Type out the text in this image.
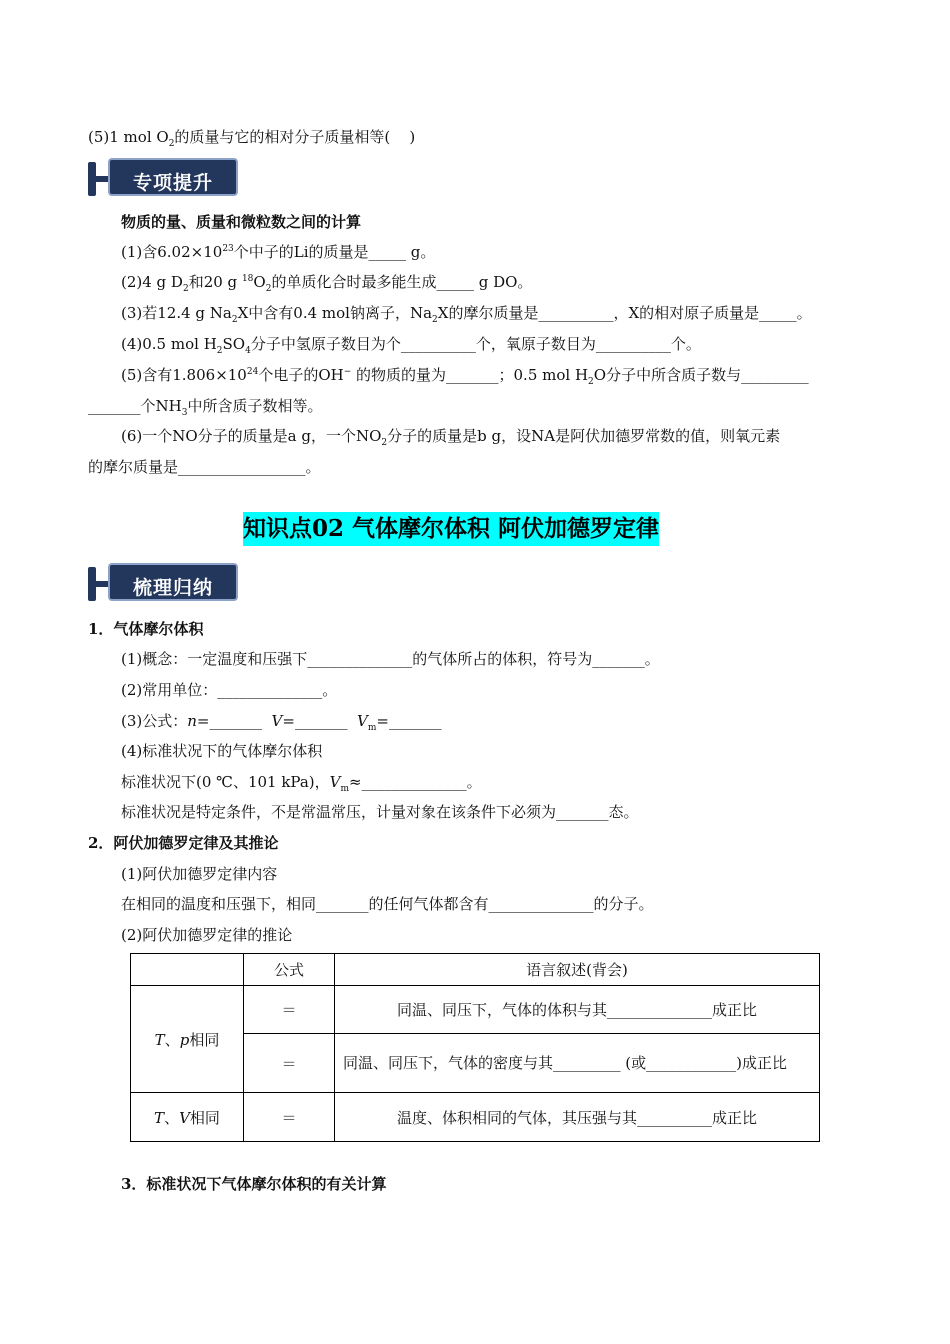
(5)1 mol $O_2$的质量与它的相对分子质量相等(    )
专项提升
物质的量、质量和微粒数之间的计算
(1)含$6.02\times 10^{23}$个中子的Li的质量是_____ g。
(2)4 g $D_2$和20 g $^{18}O_2$的单质化合时最多能生成_____ g DO。
(3)若12.4 g $Na_2X$中含有0.4 mol钠离子，$Na_2X$的摩尔质量是__________，X的相对原子质量是_____。
(4)0.5 mol $H_2SO_4$分子中氢原子数目为个__________个，氧原子数目为__________个。
(5)含有$1.806\times 10^{24}$个电子的OH− 的物质的量为_______；0.5 mol $H_2O$分子中所含质子数与_________
_______个$NH_3$中所含质子数相等。
(6)一个NO分子的质量是a g，一个$NO_2$分子的质量是b g，设NA是阿伏加德罗常数的值，则氧元素
的摩尔质量是_________________。
知识点02 气体摩尔体积 阿伏加德罗定律
梳理归纳
1．气体摩尔体积
(1)概念：一定温度和压强下______________的气体所占的体积，符号为_______。
(2)常用单位：______________。
(3)公式：n=_______  V=_______  $V_m=\_\_\_\_\_\_\_$
(4)标准状况下的气体摩尔体积
标准状况下(0 ℃、101 kPa)，$V_m\approx\_\_\_\_\_\_\_\_\_\_\_\_\_\_$。
标准状况是特定条件，不是常温常压，计量对象在该条件下必须为_______态。
2．阿伏加德罗定律及其推论
(1)阿伏加德罗定律内容
在相同的温度和压强下，相同_______的任何气体都含有______________的分子。
(2)阿伏加德罗定律的推论
	公式	语言叙述(背会)
T、p相同	＝	同温、同压下，气体的体积与其______________成正比
	＝	同温、同压下，气体的密度与其_________ (或____________)成正比
T、V相同	＝	温度、体积相同的气体，其压强与其__________成正比
3．标准状况下气体摩尔体积的有关计算
